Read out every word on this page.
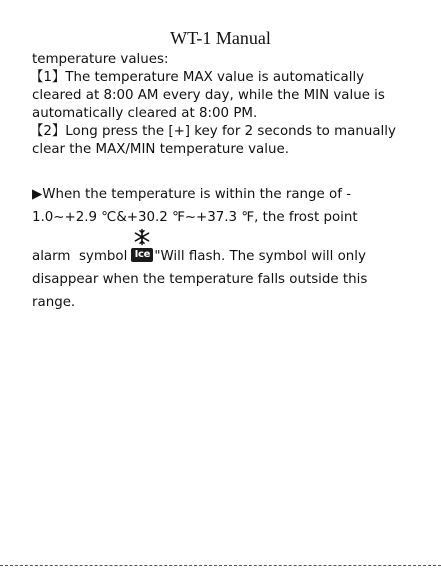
WT-1 Manual
temperature values:
【1】The temperature MAX value is automatically
cleared at 8:00 AM every day, while the MIN value is
automatically cleared at 8:00 PM.
【2】Long press the [+] key for 2 seconds to manually
clear the MAX/MIN temperature value.
▶When the temperature is within the range of -
1.0~+2.9 ℃&+30.2 ℉~+37.3 ℉, the frost point
alarm  symbol Ice "Will flash. The symbol will only
disappear when the temperature falls outside this
range.
